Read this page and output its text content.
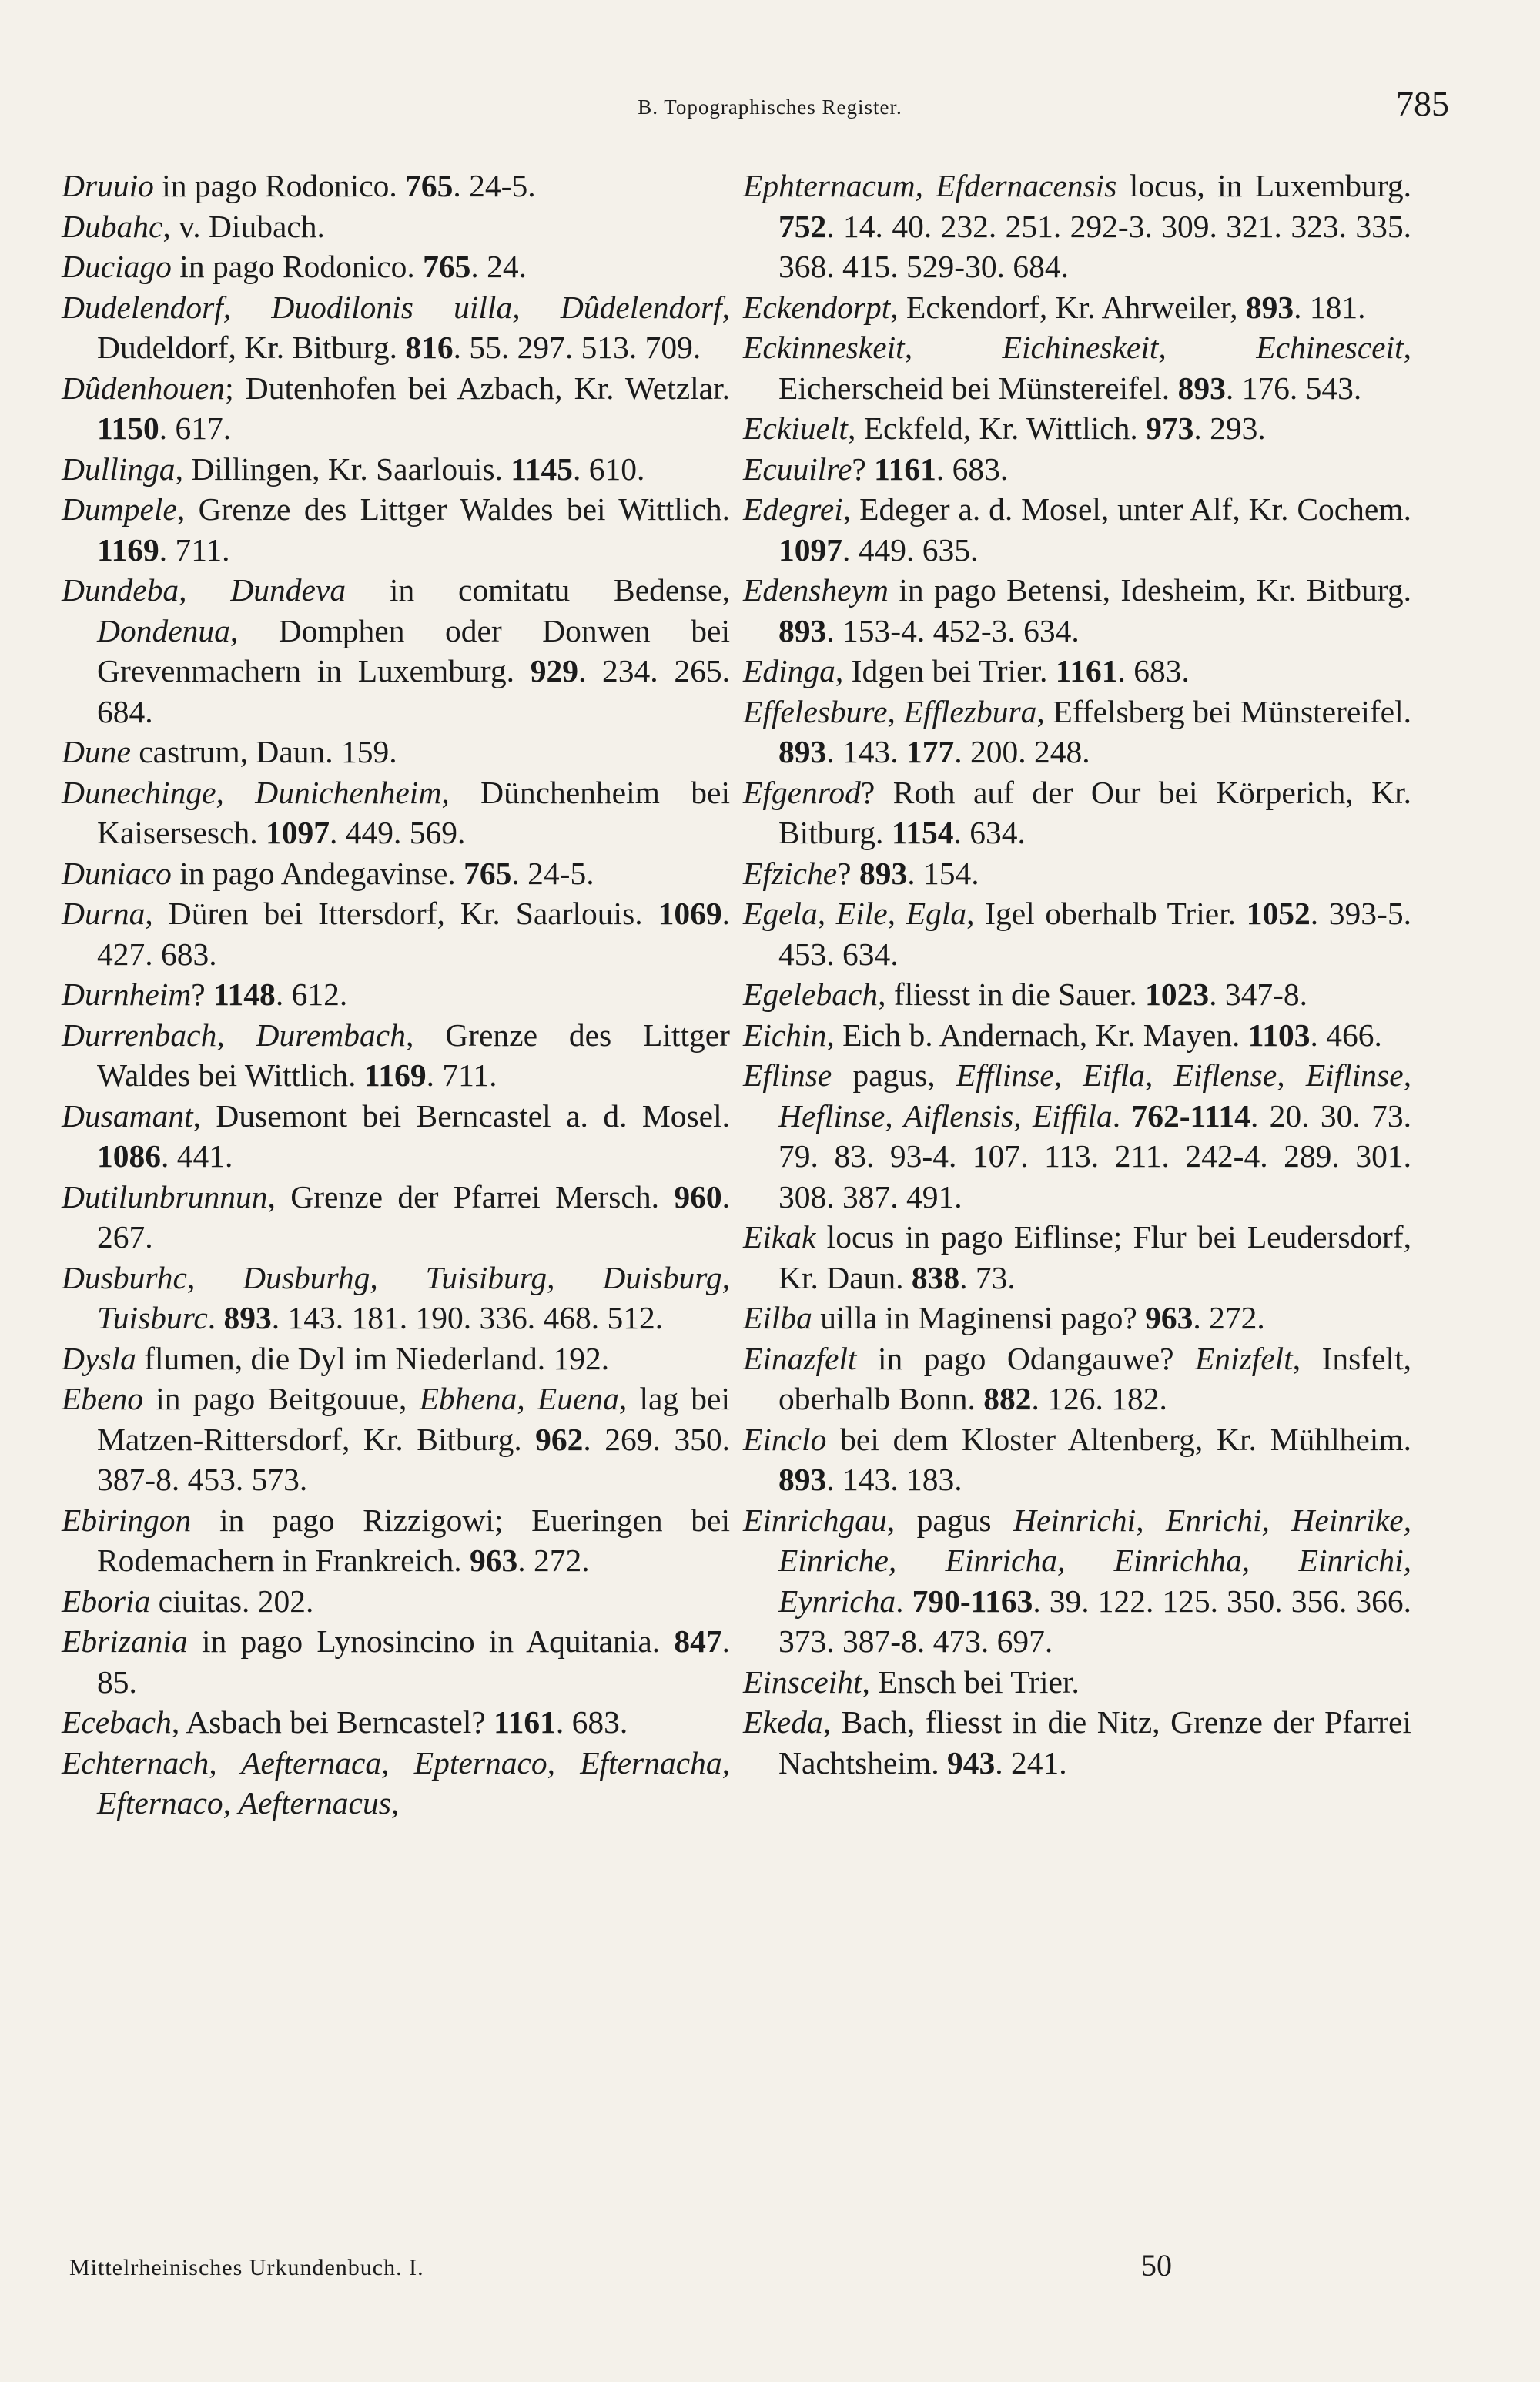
B. Topographisches Register.	785
Druuio in pago Rodonico. 765. 24-5.
Dubahc, v. Diubach.
Duciago in pago Rodonico. 765. 24.
Dudelendorf, Duodilonis uilla, Dûdelendorf, Dudeldorf, Kr. Bitburg. 816. 55. 297. 513. 709.
Dûdenhouen; Dutenhofen bei Azbach, Kr. Wetzlar. 1150. 617.
Dullinga, Dillingen, Kr. Saarlouis. 1145. 610.
Dumpele, Grenze des Littger Waldes bei Wittlich. 1169. 711.
Dundeba, Dundeva in comitatu Bedense, Dondenua, Domphen oder Donwen bei Grevenmachern in Luxemburg. 929. 234. 265. 684.
Dune castrum, Daun. 159.
Dunechinge, Dunichenheim, Dünchenheim bei Kaisersesch. 1097. 449. 569.
Duniaco in pago Andegavinse. 765. 24-5.
Durna, Düren bei Ittersdorf, Kr. Saarlouis. 1069. 427. 683.
Durnheim? 1148. 612.
Durrenbach, Durembach, Grenze des Littger Waldes bei Wittlich. 1169. 711.
Dusamant, Dusemont bei Berncastel a. d. Mosel. 1086. 441.
Dutilunbrunnun, Grenze der Pfarrei Mersch. 960. 267.
Dusburhc, Dusburhg, Tuisiburg, Duisburg, Tuisburc. 893. 143. 181. 190. 336. 468. 512.
Dysla flumen, die Dyl im Niederland. 192.
Ebeno in pago Beitgouue, Ebhena, Euena, lag bei Matzen-Rittersdorf, Kr. Bitburg. 962. 269. 350. 387-8. 453. 573.
Ebiringon in pago Rizzigowi; Eueringen bei Rodemachern in Frankreich. 963. 272.
Eboria ciuitas. 202.
Ebrizania in pago Lynosincino in Aquitania. 847. 85.
Ecebach, Asbach bei Berncastel? 1161. 683.
Echternach, Aefternaca, Epternaco, Efternacha, Efternaco, Aefternacus,
Ephternacum, Efdernacensis locus, in Luxemburg. 752. 14. 40. 232. 251. 292-3. 309. 321. 323. 335. 368. 415. 529-30. 684.
Eckendorpt, Eckendorf, Kr. Ahrweiler, 893. 181.
Eckinneskeit, Eichineskeit, Echinesceit, Eicherscheid bei Münstereifel. 893. 176. 543.
Eckiuelt, Eckfeld, Kr. Wittlich. 973. 293.
Ecuuilre? 1161. 683.
Edegrei, Edeger a. d. Mosel, unter Alf, Kr. Cochem. 1097. 449. 635.
Edensheym in pago Betensi, Idesheim, Kr. Bitburg. 893. 153-4. 452-3. 634.
Edinga, Idgen bei Trier. 1161. 683.
Effelesbure, Efflezbura, Effelsberg bei Münstereifel. 893. 143. 177. 200. 248.
Efgenrod? Roth auf der Our bei Körperich, Kr. Bitburg. 1154. 634.
Efziche? 893. 154.
Egela, Eile, Egla, Igel oberhalb Trier. 1052. 393-5. 453. 634.
Egelebach, fliesst in die Sauer. 1023. 347-8.
Eichin, Eich b. Andernach, Kr. Mayen. 1103. 466.
Eflinse pagus, Efflinse, Eifla, Eiflense, Eiflinse, Heflinse, Aiflensis, Eiffila. 762-1114. 20. 30. 73. 79. 83. 93-4. 107. 113. 211. 242-4. 289. 301. 308. 387. 491.
Eikak locus in pago Eiflinse; Flur bei Leudersdorf, Kr. Daun. 838. 73.
Eilba uilla in Maginensi pago? 963. 272.
Einazfelt in pago Odangauwe? Enizfelt, Insfelt, oberhalb Bonn. 882. 126. 182.
Einclo bei dem Kloster Altenberg, Kr. Mühlheim. 893. 143. 183.
Einrichgau, pagus Heinrichi, Enrichi, Heinrike, Einriche, Einricha, Einrichha, Einrichi, Eynricha. 790-1163. 39. 122. 125. 350. 356. 366. 373. 387-8. 473. 697.
Einsceiht, Ensch bei Trier.
Ekeda, Bach, fliesst in die Nitz, Grenze der Pfarrei Nachtsheim. 943. 241.
Mittelrheinisches Urkundenbuch. I.	50
